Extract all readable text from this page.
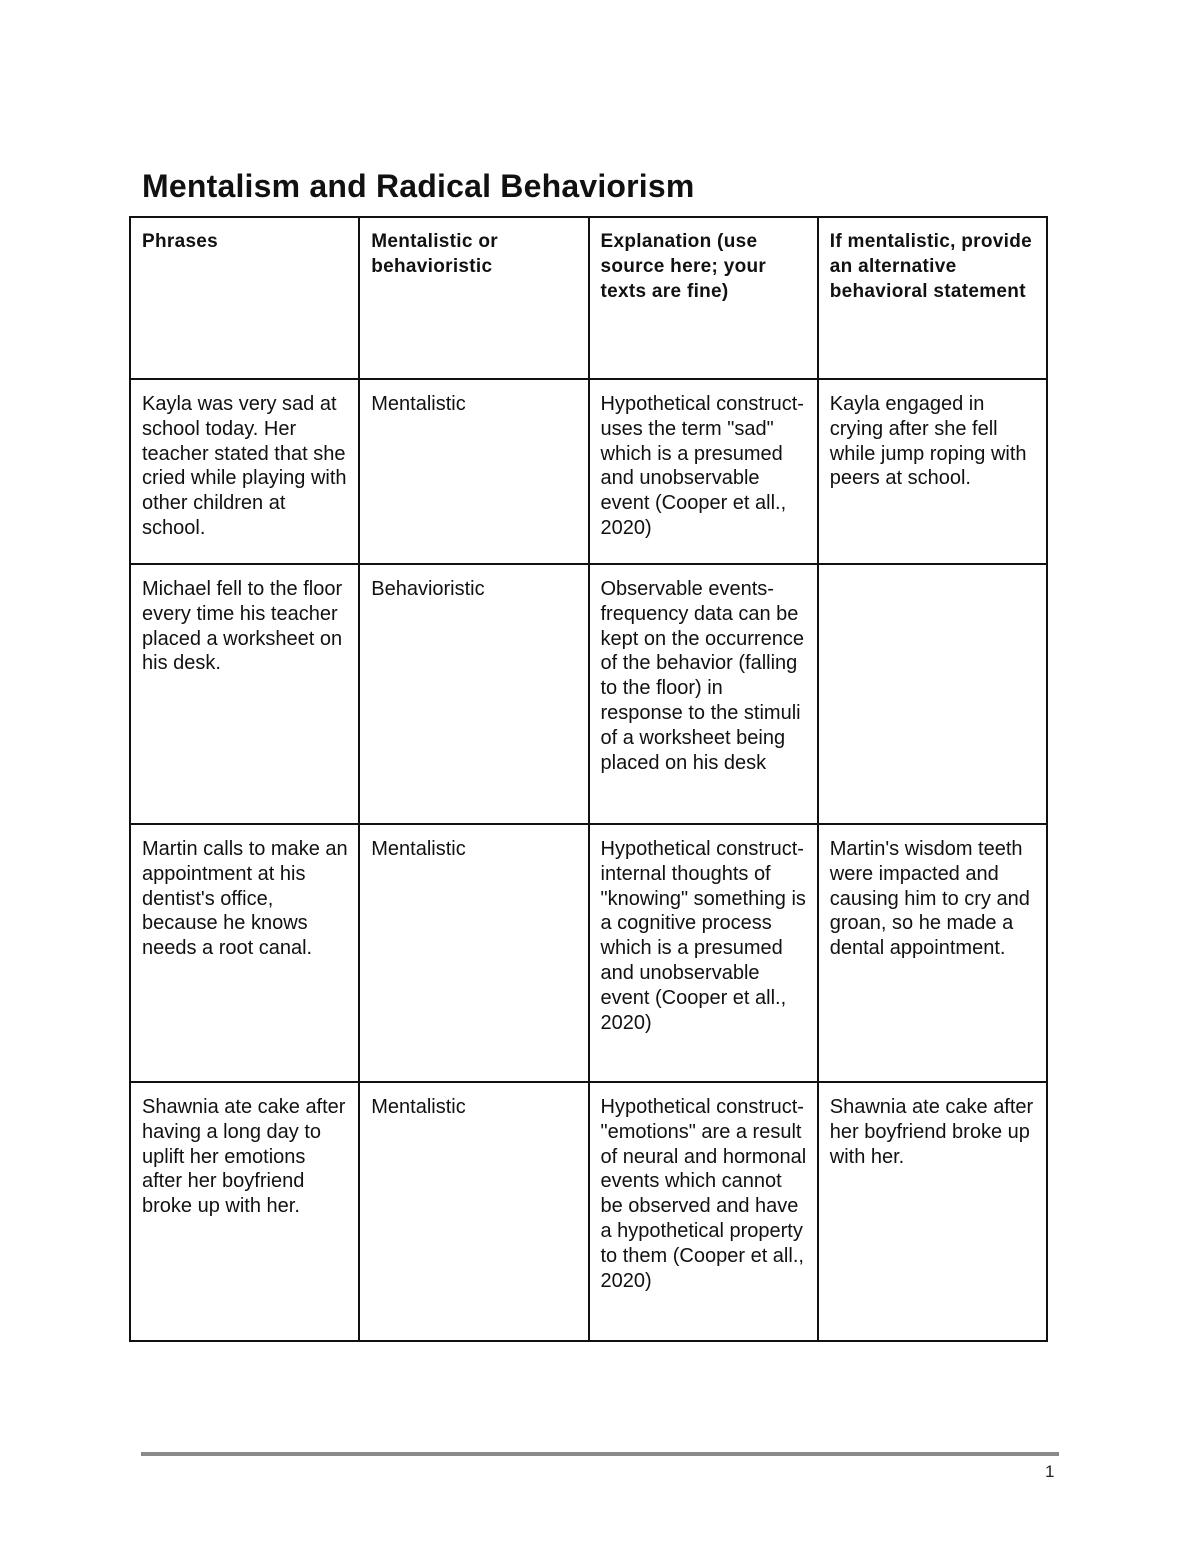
Mentalism and Radical Behaviorism
Phrases	Mentalistic or behavioristic	Explanation (use source here; your texts are fine)	If mentalistic, provide an alternative behavioral statement
Kayla was very sad at school today. Her teacher stated that she cried while playing with other children at school.	Mentalistic	Hypothetical construct- uses the term "sad" which is a presumed and unobservable event (Cooper et all., 2020)	Kayla engaged in crying after she fell while jump roping with peers at school.
Michael fell to the floor every time his teacher placed a worksheet on his desk.	Behavioristic	Observable events- frequency data can be kept on the occurrence of the behavior (falling to the floor) in response to the stimuli of a worksheet being placed on his desk	
Martin calls to make an appointment at his dentist's office, because he knows needs a root canal.	Mentalistic	Hypothetical construct- internal thoughts of "knowing" something is a cognitive process which is a presumed and unobservable event (Cooper et all., 2020)	Martin's wisdom teeth were impacted and causing him to cry and groan, so he made a dental appointment.
Shawnia ate cake after having a long day to uplift her emotions after her boyfriend broke up with her.	Mentalistic	Hypothetical construct- "emotions" are a result of neural and hormonal events which cannot be observed and have a hypothetical property to them (Cooper et all., 2020)	Shawnia ate cake after her boyfriend broke up with her.
1
